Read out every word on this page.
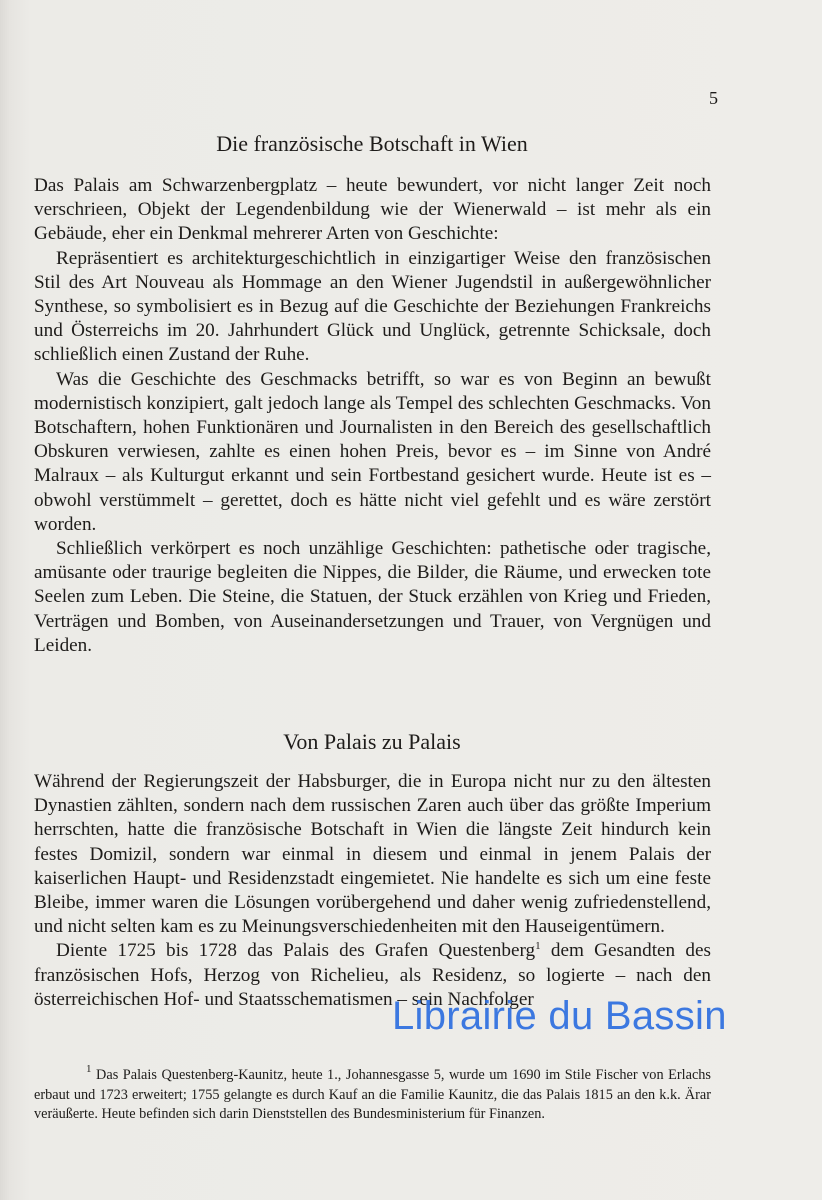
5
Die französische Botschaft in Wien

Das Palais am Schwarzenbergplatz – heute bewundert, vor nicht langer Zeit noch verschrieen, Objekt der Legendenbildung wie der Wienerwald – ist mehr als ein Gebäude, eher ein Denkmal mehrerer Arten von Geschichte:

Repräsentiert es architekturgeschichtlich in einzigartiger Weise den französischen Stil des Art Nouveau als Hommage an den Wiener Jugendstil in außergewöhnlicher Synthese, so symbolisiert es in Bezug auf die Geschichte der Beziehungen Frankreichs und Österreichs im 20. Jahrhundert Glück und Unglück, getrennte Schicksale, doch schließlich einen Zustand der Ruhe.

Was die Geschichte des Geschmacks betrifft, so war es von Beginn an bewußt modernistisch konzipiert, galt jedoch lange als Tempel des schlechten Geschmacks. Von Botschaftern, hohen Funktionären und Journalisten in den Bereich des gesellschaftlich Obskuren verwiesen, zahlte es einen hohen Preis, bevor es – im Sinne von André Malraux – als Kulturgut erkannt und sein Fortbestand gesichert wurde. Heute ist es – obwohl verstümmelt – gerettet, doch es hätte nicht viel gefehlt und es wäre zerstört worden.

Schließlich verkörpert es noch unzählige Geschichten: pathetische oder tragische, amüsante oder traurige begleiten die Nippes, die Bilder, die Räume, und erwecken tote Seelen zum Leben. Die Steine, die Statuen, der Stuck erzählen von Krieg und Frieden, Verträgen und Bomben, von Auseinandersetzungen und Trauer, von Vergnügen und Leiden.

Von Palais zu Palais

Während der Regierungszeit der Habsburger, die in Europa nicht nur zu den ältesten Dynastien zählten, sondern nach dem russischen Zaren auch über das größte Imperium herrschten, hatte die französische Botschaft in Wien die längste Zeit hindurch kein festes Domizil, sondern war einmal in diesem und einmal in jenem Palais der kaiserlichen Haupt- und Residenzstadt eingemietet. Nie handelte es sich um eine feste Bleibe, immer waren die Lösungen vorübergehend und daher wenig zufriedenstellend, und nicht selten kam es zu Meinungsverschiedenheiten mit den Hauseigentümern.

Diente 1725 bis 1728 das Palais des Grafen Questenberg$^1$ dem Gesandten des französischen Hofs, Herzog von Richelieu, als Residenz, so logierte – nach den österreichischen Hof- und Staatsschematismen – sein Nachfolger

$^1$ Das Palais Questenberg-Kaunitz, heute 1., Johannesgasse 5, wurde um 1690 im Stile Fischer von Erlachs erbaut und 1723 erweitert; 1755 gelangte es durch Kauf an die Familie Kaunitz, die das Palais 1815 an den k.k. Ärar veräußerte. Heute befinden sich darin Dienststellen des Bundesministerium für Finanzen.
Librairie du Bassin
